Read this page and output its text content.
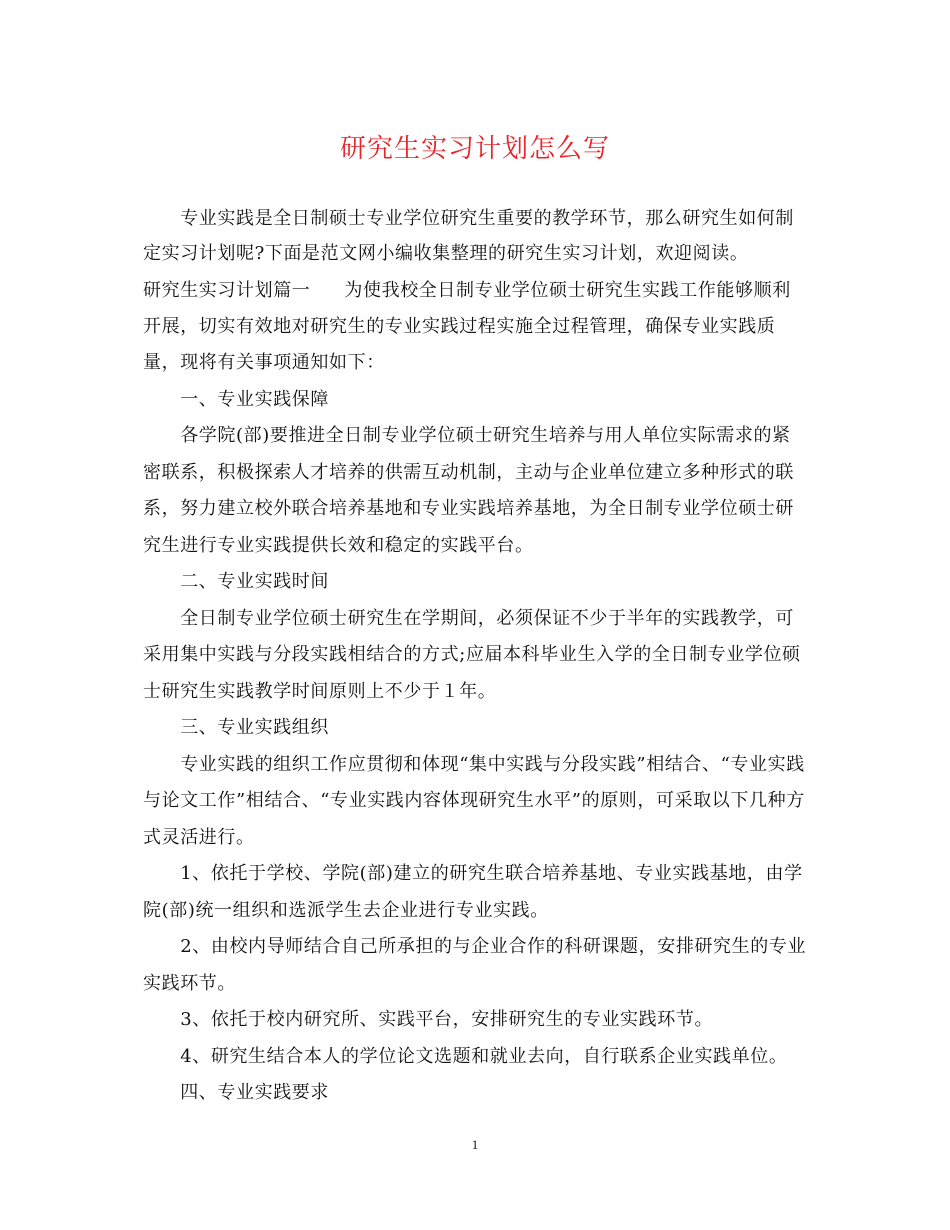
研究生实习计划怎么写
　　专业实践是全日制硕士专业学位研究生重要的教学环节，那么研究生如何制
定实习计划呢?下面是范文网小编收集整理的研究生实习计划，欢迎阅读。
研究生实习计划篇一 为使我校全日制专业学位硕士研究生实践工作能够顺利
开展，切实有效地对研究生的专业实践过程实施全过程管理，确保专业实践质
量，现将有关事项通知如下：
　　一、专业实践保障
　　各学院(部)要推进全日制专业学位硕士研究生培养与用人单位实际需求的紧
密联系，积极探索人才培养的供需互动机制，主动与企业单位建立多种形式的联
系，努力建立校外联合培养基地和专业实践培养基地，为全日制专业学位硕士研
究生进行专业实践提供长效和稳定的实践平台。
　　二、专业实践时间
　　全日制专业学位硕士研究生在学期间，必须保证不少于半年的实践教学，可
采用集中实践与分段实践相结合的方式;应届本科毕业生入学的全日制专业学位硕
士研究生实践教学时间原则上不少于１年。
　　三、专业实践组织
　　专业实践的组织工作应贯彻和体现“集中实践与分段实践”相结合、“专业实践
与论文工作”相结合、“专业实践内容体现研究生水平”的原则，可采取以下几种方
式灵活进行。
　　1、依托于学校、学院(部)建立的研究生联合培养基地、专业实践基地，由学
院(部)统一组织和选派学生去企业进行专业实践。
　　2、由校内导师结合自己所承担的与企业合作的科研课题，安排研究生的专业
实践环节。
　　3、依托于校内研究所、实践平台，安排研究生的专业实践环节。
　　4、研究生结合本人的学位论文选题和就业去向，自行联系企业实践单位。
　　四、专业实践要求
1
